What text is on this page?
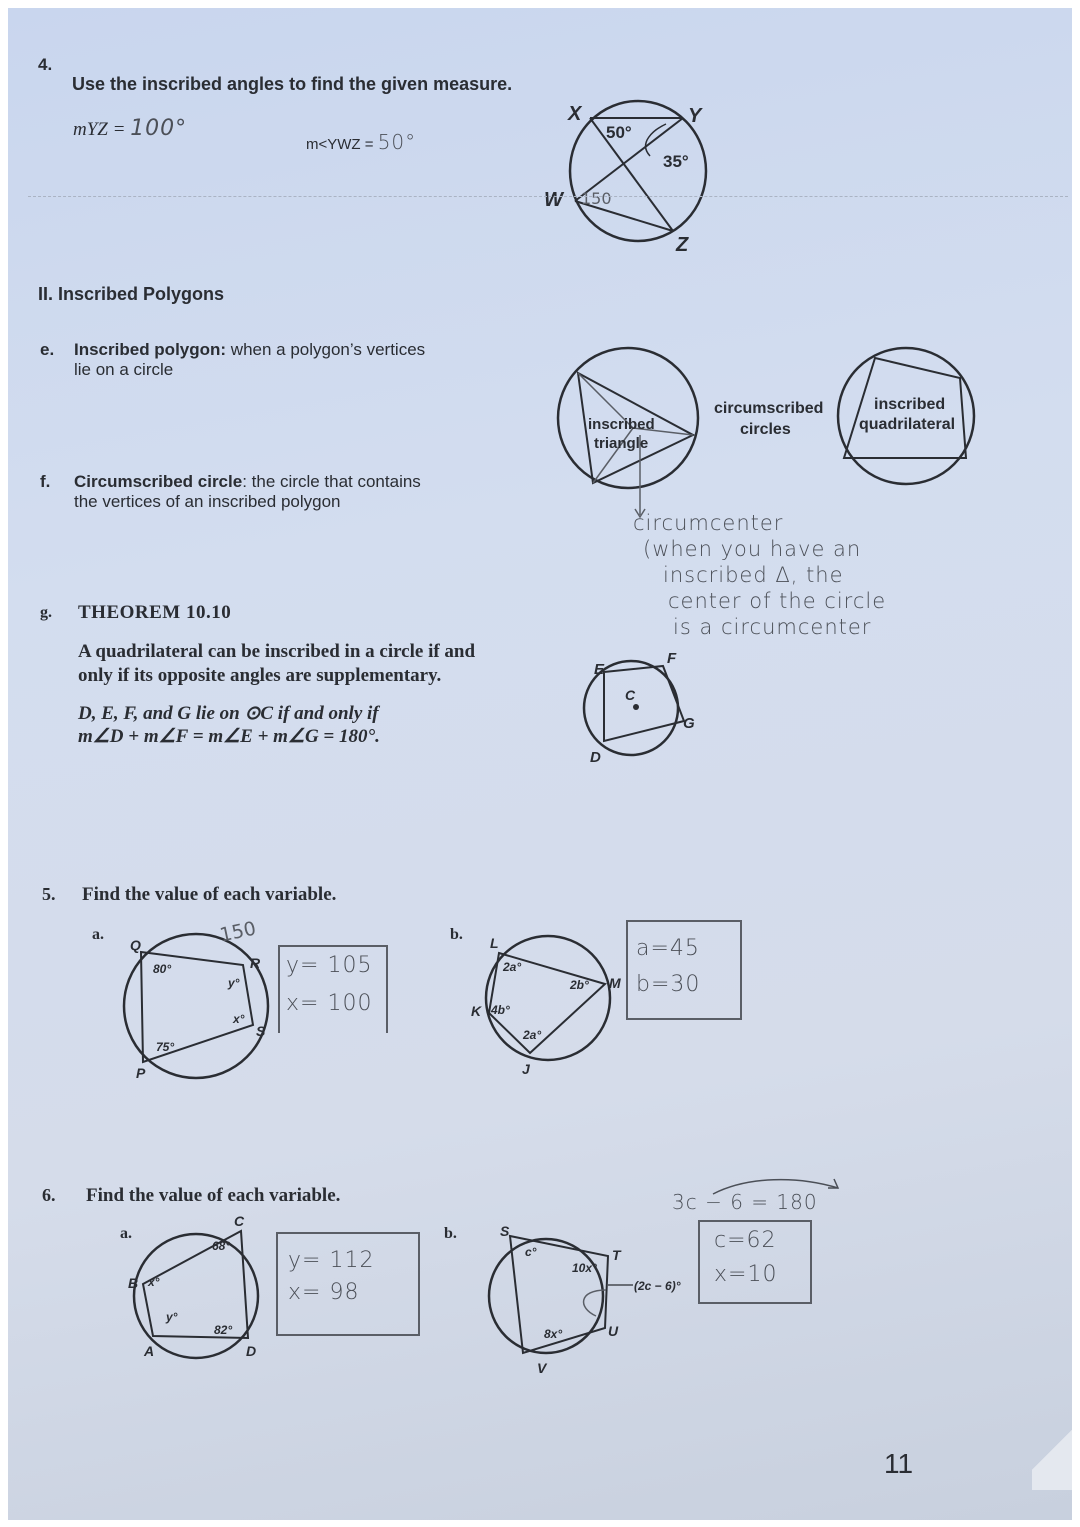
4.
Use the inscribed angles to find the given measure.
mYZ = 100°
m<YWZ = 50°
X	Y
W
Z
50°
35°
150
II. Inscribed Polygons
e. Inscribed polygon: when a polygon’s vertices
lie on a circle
f. Circumscribed circle: the circle that contains
the vertices of an inscribed polygon
inscribed
triangle
circumscribed
circles
inscribed
quadrilateral
circumcenter
(when you have an
inscribed Δ, the
center of the circle
is a circumcenter
g. THEOREM 10.10
A quadrilateral can be inscribed in a circle if and
only if its opposite angles are supplementary.
D, E, F, and G lie on ⊙C if and only if
m∠D + m∠F = m∠E + m∠G = 180°.
E
F
C
G
D
5. Find the value of each variable.
a.
Q
R
S
P
80°
y°
x°
75°
150
y= 105
x= 100
b. L
M
K
J
2a°
2b°
4b°
2a°
a=45
b=30
6. Find the value of each variable.
a.
C
B
A	D
68°
x°
y°
82°
y= 112
x= 98
b.	S
T
U
V
c°
10x°
(2c − 6)°
8x°
3c − 6 = 180
c=62
x=10
11
